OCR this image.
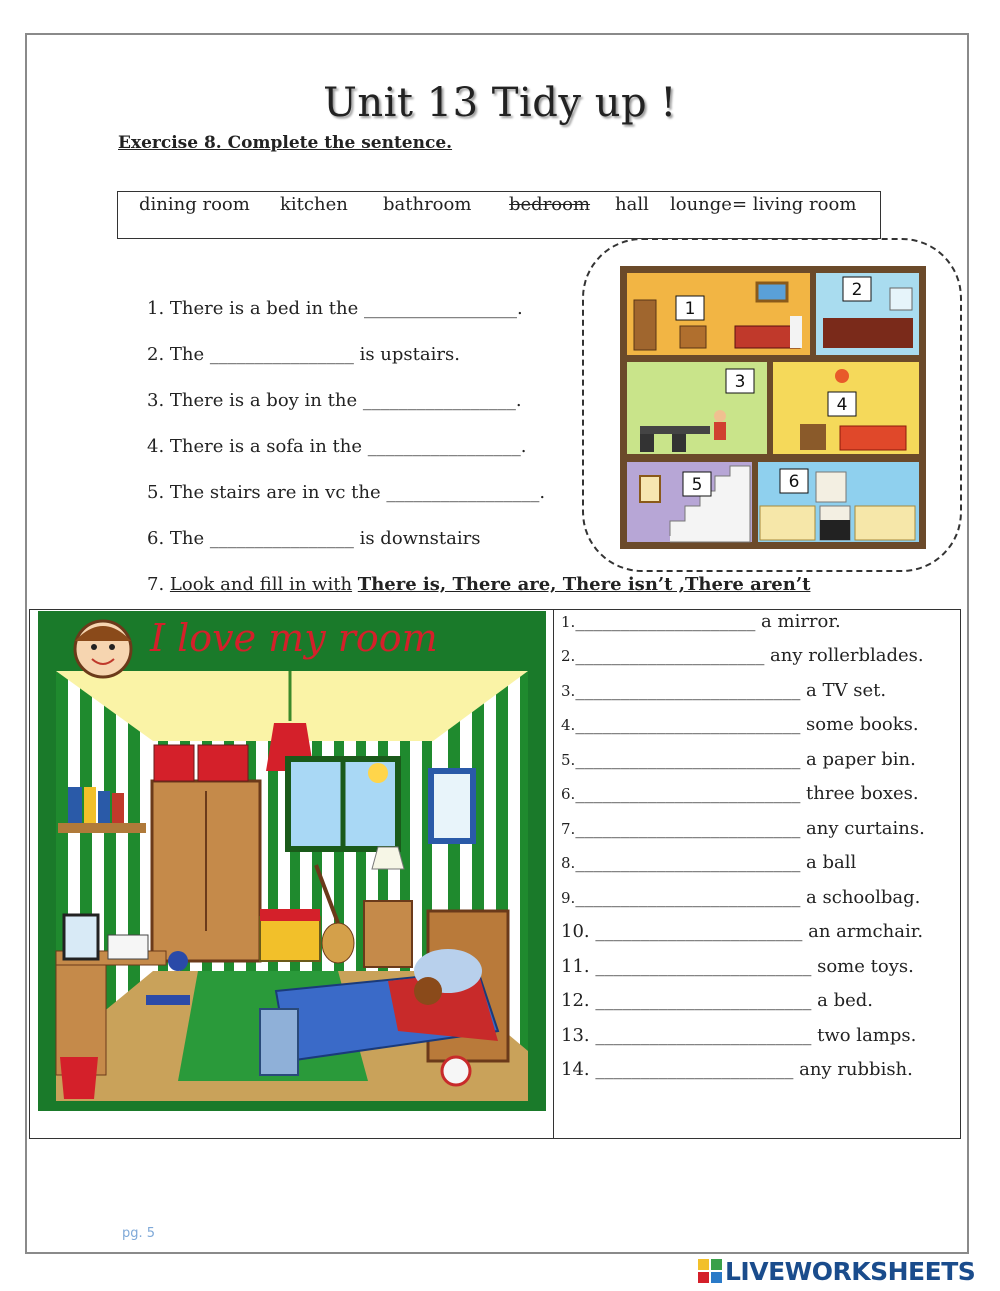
Unit 13 Tidy up !
Exercise 8. Complete the sentence.
dining room kitchen bathroom bedroom hall lounge= living room
1. There is a bed in the _________________.
2. The ________________ is upstairs.
3. There is a boy in the _________________.
4. There is a sofa in the _________________.
5. The stairs are in vc the _________________.
6. The ________________ is downstairs
7. Look and fill in with There is, There are, There isn’t ,There aren’t
1
2
3
4
5	6
I love my room	1.____________________ a mirror.
2._____________________ any rollerblades.
3._________________________ a TV set.
4._________________________ some books.
5._________________________ a paper bin.
6._________________________ three boxes.
7._________________________ any curtains.
8._________________________ a ball
9._________________________ a schoolbag.
10. _______________________ an armchair.
11. ________________________ some toys.
12. ________________________ a bed.
13. ________________________ two lamps.
14. ______________________ any rubbish.
pg. 5
LIVEWORKSHEETS
